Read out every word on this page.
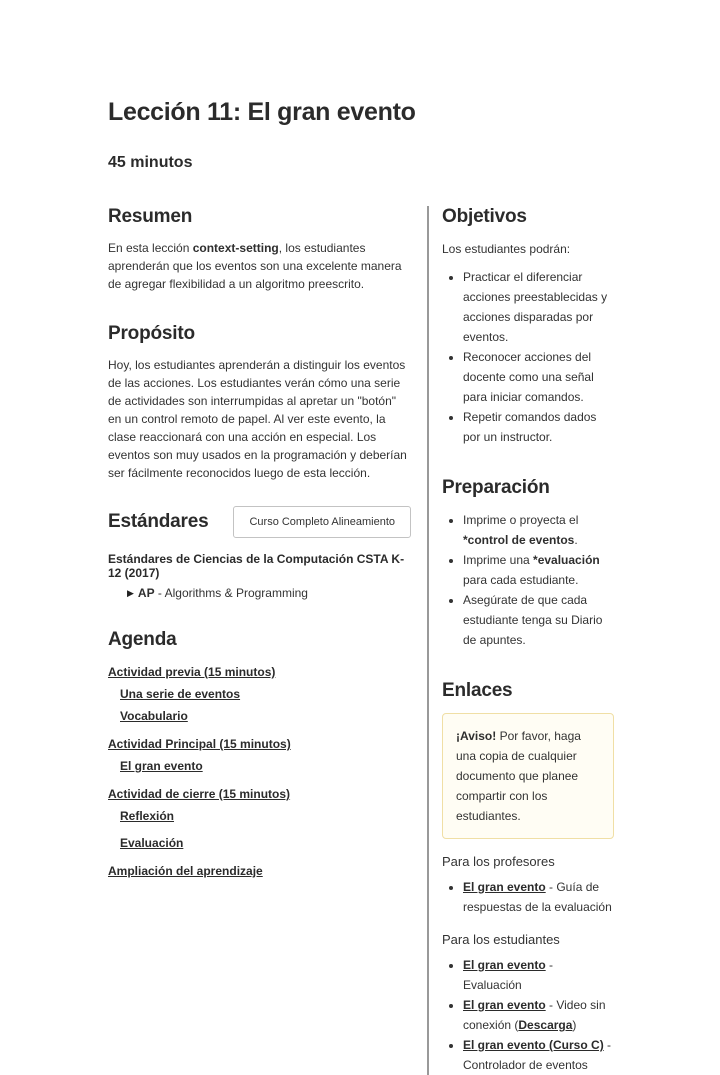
Lección 11: El gran evento
45 minutos
Resumen

En esta lección context-setting, los estudiantes aprenderán que los eventos son una excelente manera de agregar flexibilidad a un algoritmo preescrito.

Propósito

Hoy, los estudiantes aprenderán a distinguir los eventos de las acciones. Los estudiantes verán cómo una serie de actividades son interrumpidas al apretar un "botón" en un control remoto de papel. Al ver este evento, la clase reaccionará con una acción en especial. Los eventos son muy usados en la programación y deberían ser fácilmente reconocidos luego de esta lección.

Estándares	Curso Completo Alineamiento
Estándares de Ciencias de la Computación CSTA K-12 (2017)
▶ AP - Algorithms & Programming
Agenda
Actividad previa (15 minutos)
Una serie de eventos
Vocabulario
Actividad Principal (15 minutos)
El gran evento
Actividad de cierre (15 minutos)
Reflexión
Evaluación
Ampliación del aprendizaje
Objetivos

Los estudiantes podrán:

• Practicar el diferenciar acciones preestablecidas y acciones disparadas por eventos.
• Reconocer acciones del docente como una señal para iniciar comandos.
• Repetir comandos dados por un instructor.
Preparación
• Imprime o proyecta el *control de eventos.
• Imprime una *evaluación para cada estudiante.
• Asegúrate de que cada estudiante tenga su Diario de apuntes.
Enlaces
¡Aviso! Por favor, haga una copia de cualquier documento que planee compartir con los estudiantes.

Para los profesores

• El gran evento - Guía de respuestas de la evaluación

Para los estudiantes

• El gran evento - Evaluación
• El gran evento - Video sin conexión (Descarga)
• El gran evento (Curso C) - Controlador de eventos
